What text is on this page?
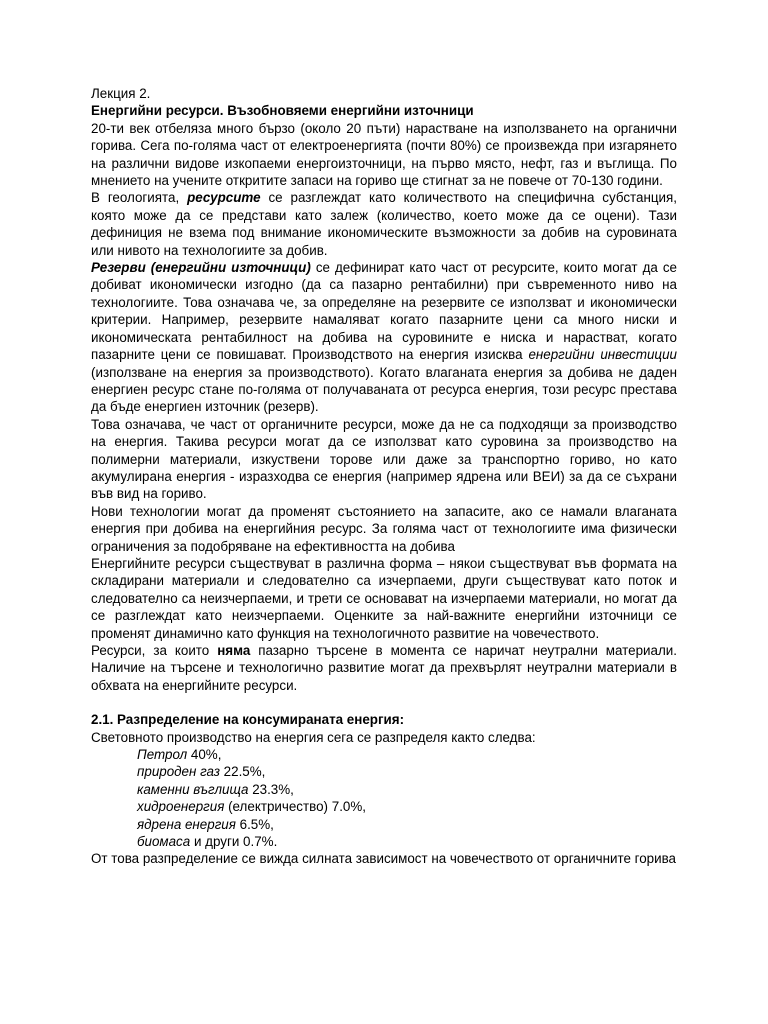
Лекция 2.

Енергийни ресурси. Възобновяеми енергийни източници

20-ти век отбеляза много бързо (около 20 пъти) нарастване на използването на органични горива. Сега по-голяма част от електроенергията (почти 80%) се произвежда при изгарянето на различни видове изкопаеми енергоизточници, на първо място, нефт, газ и въглища. По мнението на учените откритите запаси на гориво ще стигнат за не повече от 70-130 години.

В геологията, ресурсите се разглеждат като количеството на специфична субстанция, която може да се представи като залеж (количество, което може да се оцени). Тази дефиниция не взема под внимание икономическите възможности за добив на суровината или нивото на технологиите за добив.

Резерви (енергийни източници) се дефинират като част от ресурсите, които могат да се добиват икономически изгодно (да са пазарно рентабилни) при съвременното ниво на технологиите. Това означава че, за определяне на резервите се използват и икономически критерии. Например, резервите намаляват когато пазарните цени са много ниски и икономическата рентабилност на добива на суровините е ниска и нарастват, когато пазарните цени се повишават. Производството на енергия изисква енергийни инвестиции (използване на енергия за производството). Когато влаганата енергия за добива не даден енергиен ресурс стане по-голяма от получаваната от ресурса енергия, този ресурс престава да бъде енергиен източник (резерв).

Това означава, че част от органичните ресурси, може да не са подходящи за производство на енергия. Такива ресурси могат да се използват като суровина за производство на полимерни материали, изкуствени торове или даже за транспортно гориво, но като акумулирана енергия - изразходва се енергия (например ядрена или ВЕИ) за да се съхрани във вид на гориво.

Нови технологии могат да променят състоянието на запасите, ако се намали влаганата енергия при добива на енергийния ресурс. За голяма част от технологиите има физически ограничения за подобряване на ефективността на добива

Енергийните ресурси съществуват в различна форма – някои съществуват във формата на складирани материали и следователно са изчерпаеми, други съществуват като поток и следователно са неизчерпаеми, и трети се основават на изчерпаеми материали, но могат да се разглеждат като неизчерпаеми. Оценките за най-важните енергийни източници се променят динамично като функция на технологичното развитие на човечеството.

Ресурси, за които няма пазарно търсене в момента се наричат неутрални материали. Наличие на търсене и технологично развитие могат да прехвърлят неутрални материали в обхвата на енергийните ресурси.

2.1. Разпределение на консумираната енергия:

Световното производство на енергия сега се разпределя както следва:

Петрол 40%,

природен газ 22.5%,

каменни въглища 23.3%,

хидроенергия (електричество) 7.0%,

ядрена енергия 6.5%,

биомаса и други 0.7%.

От това разпределение се вижда силната зависимост на човечеството от органичните горива
